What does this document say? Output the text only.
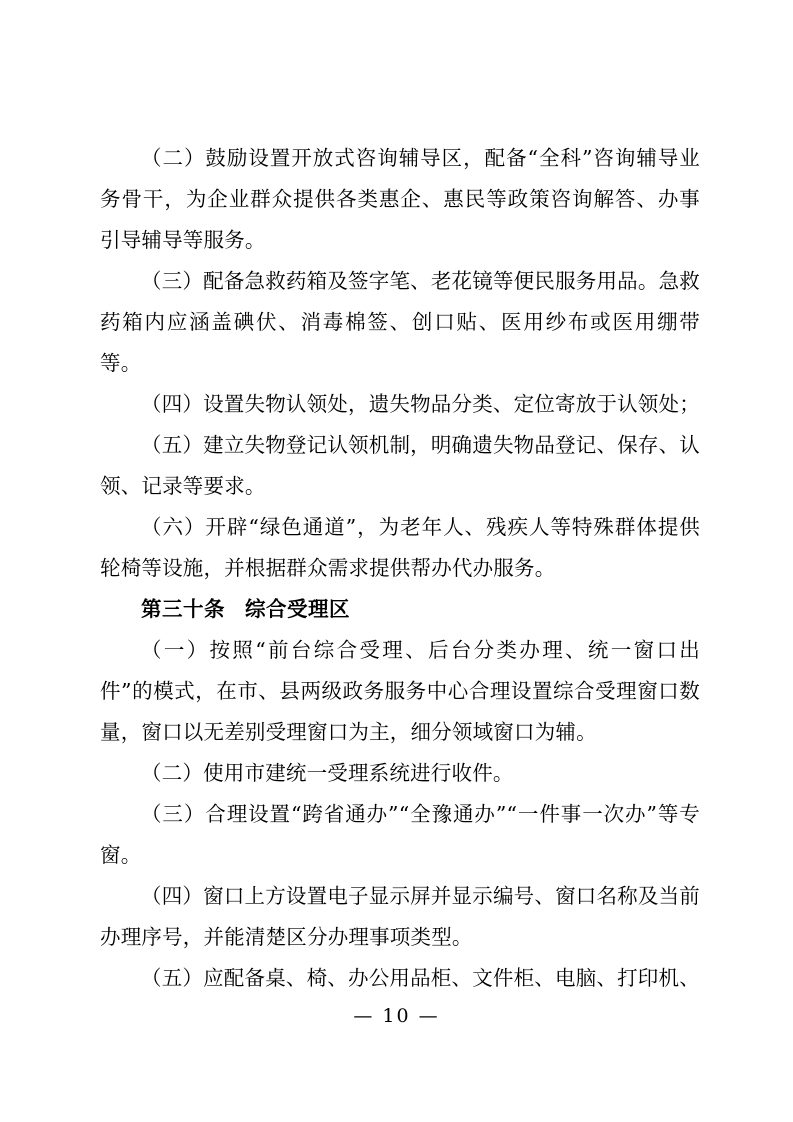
（二）鼓励设置开放式咨询辅导区，配备“全科”咨询辅导业务骨干，为企业群众提供各类惠企、惠民等政策咨询解答、办事引导辅导等服务。

（三）配备急救药箱及签字笔、老花镜等便民服务用品。急救药箱内应涵盖碘伏、消毒棉签、创口贴、医用纱布或医用绷带等。

（四）设置失物认领处，遗失物品分类、定位寄放于认领处；

（五）建立失物登记认领机制，明确遗失物品登记、保存、认领、记录等要求。

（六）开辟“绿色通道”，为老年人、残疾人等特殊群体提供轮椅等设施，并根据群众需求提供帮办代办服务。

第三十条 综合受理区

（一）按照“前台综合受理、后台分类办理、统一窗口出件”的模式，在市、县两级政务服务中心合理设置综合受理窗口数量，窗口以无差别受理窗口为主，细分领域窗口为辅。

（二）使用市建统一受理系统进行收件。

（三）合理设置“跨省通办”“全豫通办”“一件事一次办”等专窗。

（四）窗口上方设置电子显示屏并显示编号、窗口名称及当前办理序号，并能清楚区分办理事项类型。

（五）应配备桌、椅、办公用品柜、文件柜、电脑、打印机、

— 10 —
